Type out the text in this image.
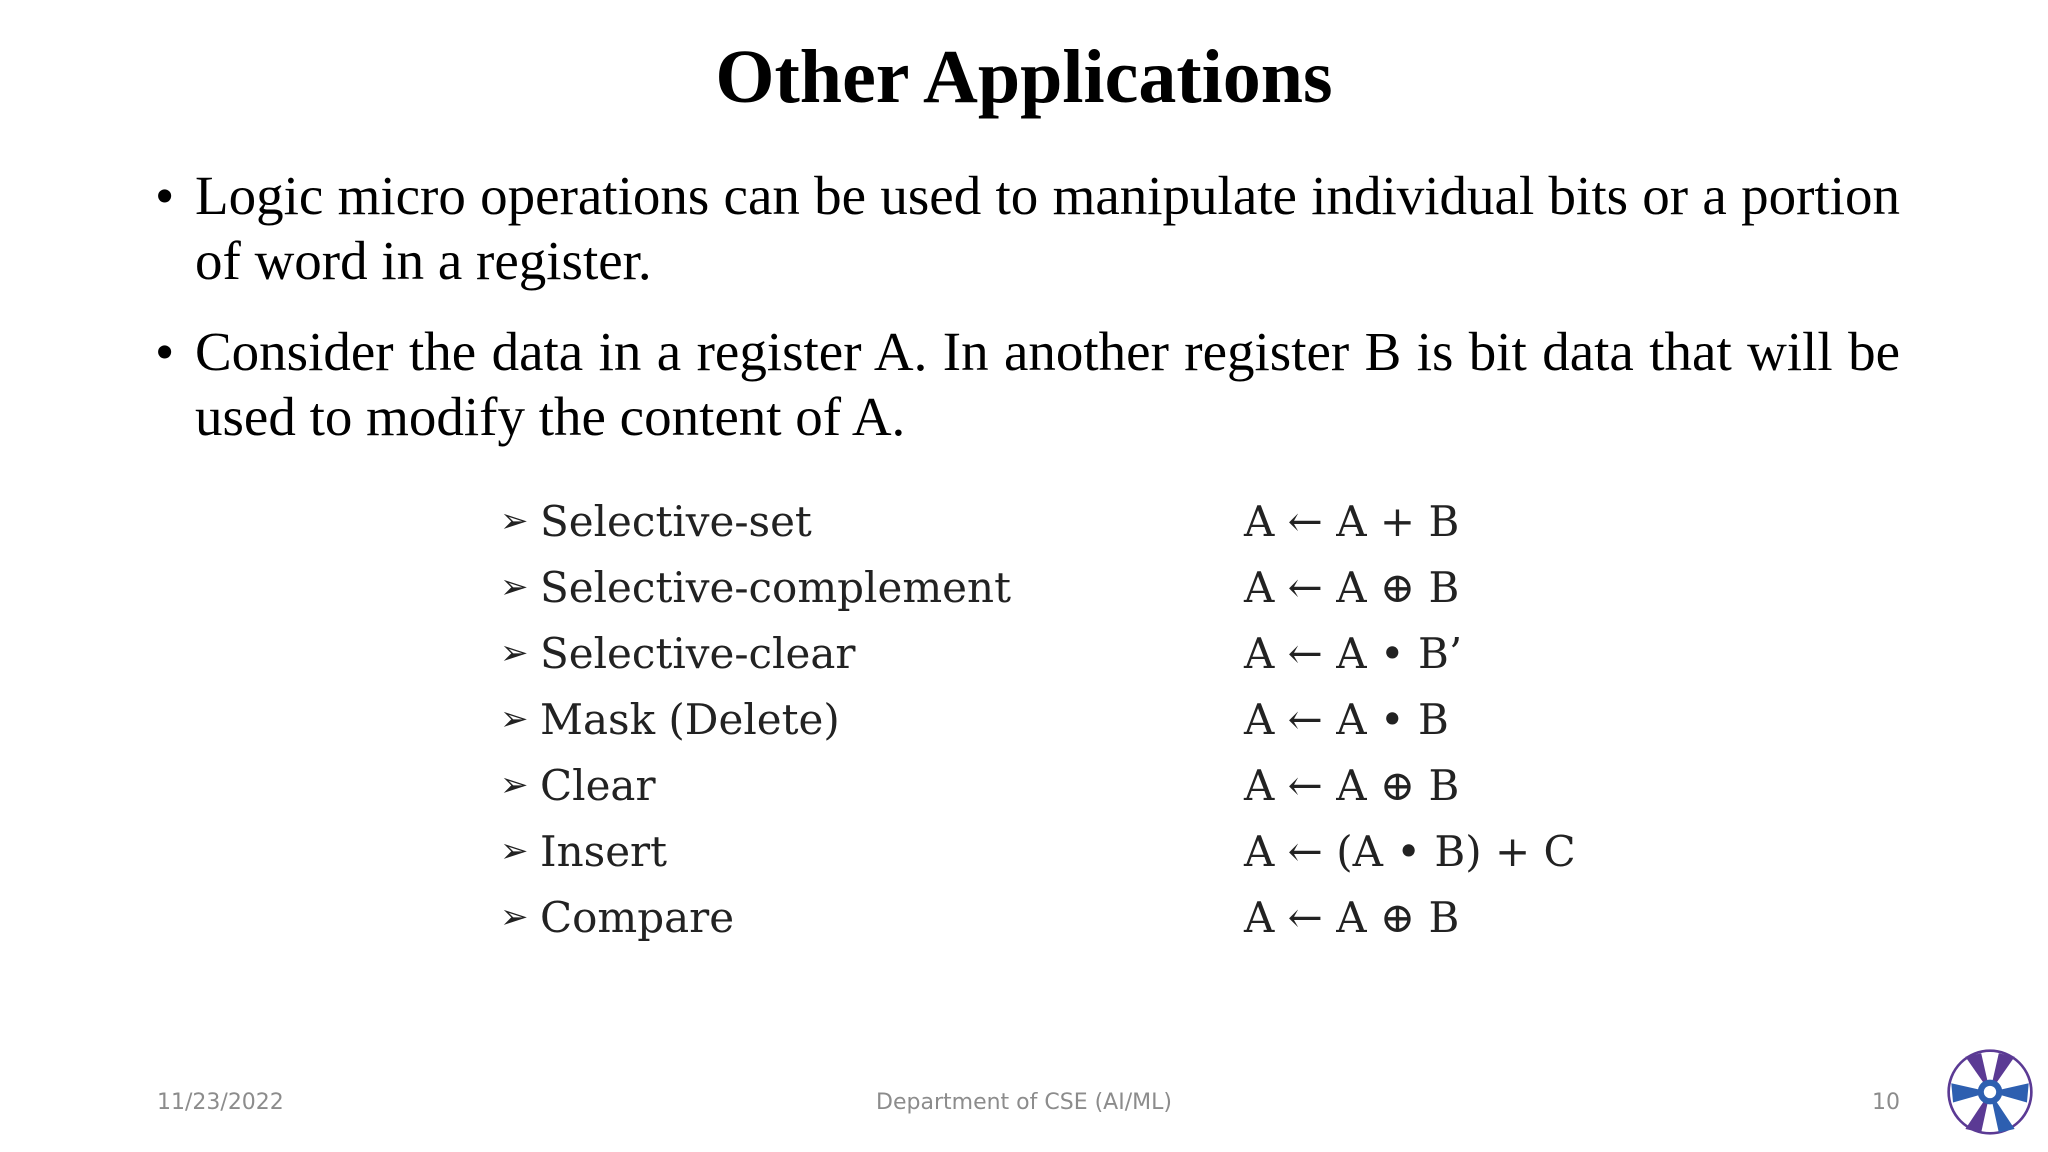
Other Applications
• Logic micro operations can be used to manipulate individual bits or a portion of word in a register.
• Consider the data in a register A. In another register B is bit data that will be used to modify the content of A.
➢ Selective-set	A ← A + B
➢ Selective-complement	A ← A ⊕ B
➢ Selective-clear	A ← A • B’
➢ Mask (Delete)	A ← A • B
➢ Clear	A ← A ⊕ B
➢ Insert	A ← (A • B) + C
➢ Compare	A ← A ⊕ B
11/23/2022	Department of CSE (AI/ML)	10
